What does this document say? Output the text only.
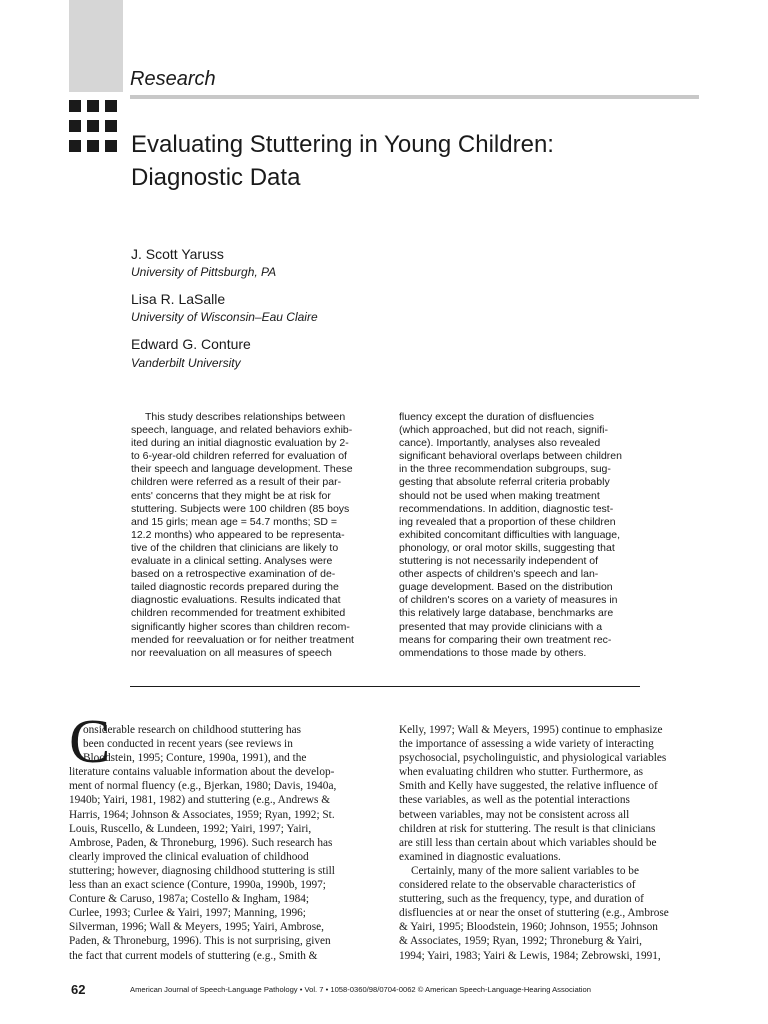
Research
Evaluating Stuttering in Young Children:
Diagnostic Data
J. Scott Yaruss
University of Pittsburgh, PA
Lisa R. LaSalle
University of Wisconsin–Eau Claire
Edward G. Conture
Vanderbilt University
This study describes relationships between
speech, language, and related behaviors exhib-
ited during an initial diagnostic evaluation by 2-
to 6-year-old children referred for evaluation of
their speech and language development. These
children were referred as a result of their par-
ents' concerns that they might be at risk for
stuttering. Subjects were 100 children (85 boys
and 15 girls; mean age = 54.7 months; SD =
12.2 months) who appeared to be representa-
tive of the children that clinicians are likely to
evaluate in a clinical setting. Analyses were
based on a retrospective examination of de-
tailed diagnostic records prepared during the
diagnostic evaluations. Results indicated that
children recommended for treatment exhibited
significantly higher scores than children recom-
mended for reevaluation or for neither treatment
nor reevaluation on all measures of speech
fluency except the duration of disfluencies
(which approached, but did not reach, signifi-
cance). Importantly, analyses also revealed
significant behavioral overlaps between children
in the three recommendation subgroups, sug-
gesting that absolute referral criteria probably
should not be used when making treatment
recommendations. In addition, diagnostic test-
ing revealed that a proportion of these children
exhibited concomitant difficulties with language,
phonology, or oral motor skills, suggesting that
stuttering is not necessarily independent of
other aspects of children's speech and lan-
guage development. Based on the distribution
of children's scores on a variety of measures in
this relatively large database, benchmarks are
presented that may provide clinicians with a
means for comparing their own treatment rec-
ommendations to those made by others.
C
onsiderable research on childhood stuttering has
been conducted in recent years (see reviews in
Bloodstein, 1995; Conture, 1990a, 1991), and the
literature contains valuable information about the develop-
ment of normal fluency (e.g., Bjerkan, 1980; Davis, 1940a,
1940b; Yairi, 1981, 1982) and stuttering (e.g., Andrews &
Harris, 1964; Johnson & Associates, 1959; Ryan, 1992; St.
Louis, Ruscello, & Lundeen, 1992; Yairi, 1997; Yairi,
Ambrose, Paden, & Throneburg, 1996). Such research has
clearly improved the clinical evaluation of childhood
stuttering; however, diagnosing childhood stuttering is still
less than an exact science (Conture, 1990a, 1990b, 1997;
Conture & Caruso, 1987a; Costello & Ingham, 1984;
Curlee, 1993; Curlee & Yairi, 1997; Manning, 1996;
Silverman, 1996; Wall & Meyers, 1995; Yairi, Ambrose,
Paden, & Throneburg, 1996). This is not surprising, given
the fact that current models of stuttering (e.g., Smith &
Kelly, 1997; Wall & Meyers, 1995) continue to emphasize
the importance of assessing a wide variety of interacting
psychosocial, psycholinguistic, and physiological variables
when evaluating children who stutter. Furthermore, as
Smith and Kelly have suggested, the relative influence of
these variables, as well as the potential interactions
between variables, may not be consistent across all
children at risk for stuttering. The result is that clinicians
are still less than certain about which variables should be
examined in diagnostic evaluations.
Certainly, many of the more salient variables to be
considered relate to the observable characteristics of
stuttering, such as the frequency, type, and duration of
disfluencies at or near the onset of stuttering (e.g., Ambrose
& Yairi, 1995; Bloodstein, 1960; Johnson, 1955; Johnson
& Associates, 1959; Ryan, 1992; Throneburg & Yairi,
1994; Yairi, 1983; Yairi & Lewis, 1984; Zebrowski, 1991,
62	American Journal of Speech-Language Pathology • Vol. 7 • 1058-0360/98/0704-0062 © American Speech-Language-Hearing Association
